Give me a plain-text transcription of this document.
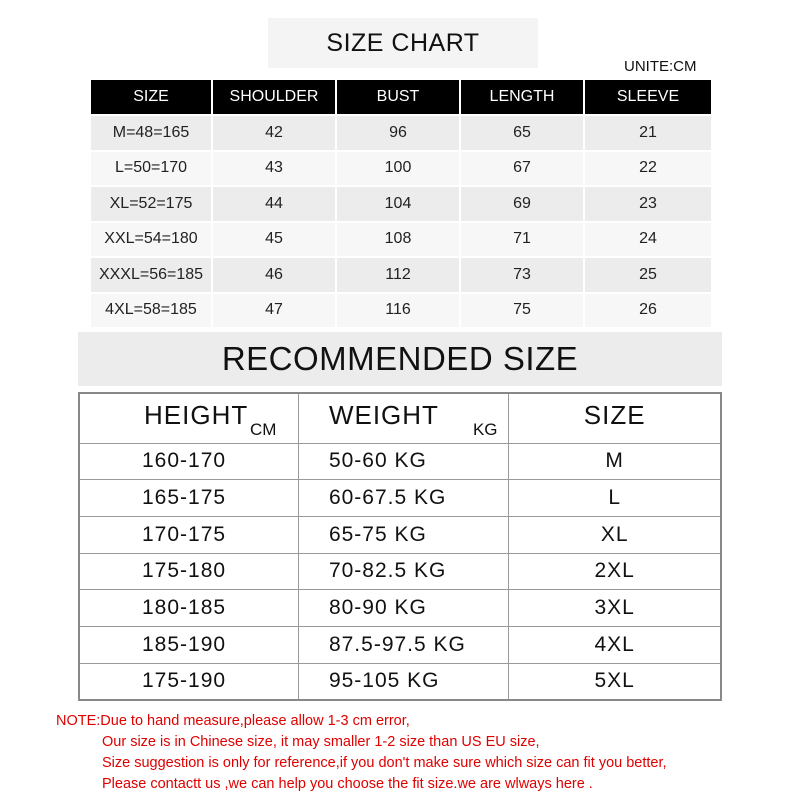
SIZE CHART
UNITE:CM
SIZE	SHOULDER	BUST	LENGTH	SLEEVE
M=48=165	42	96	65	21
L=50=170	43	100	67	22
XL=52=175	44	104	69	23
XXL=54=180	45	108	71	24
XXXL=56=185	46	112	73	25
4XL=58=185	47	116	75	26
RECOMMENDED SIZE
HEIGHT CM	WEIGHT KG	SIZE

160-170	50-60 KG	M
165-175	60-67.5 KG	L
170-175	65-75 KG	XL
175-180	70-82.5 KG	2XL
180-185	80-90 KG	3XL
185-190	87.5-97.5 KG	4XL
175-190	95-105 KG	5XL
NOTE:Due to hand measure,please allow 1-3 cm error,
Our size is in Chinese size, it may smaller 1-2 size than US EU size,
Size suggestion is only for reference,if you don't make sure which size can fit you better,
Please contactt us ,we can help you choose the fit size.we are wlways here .
